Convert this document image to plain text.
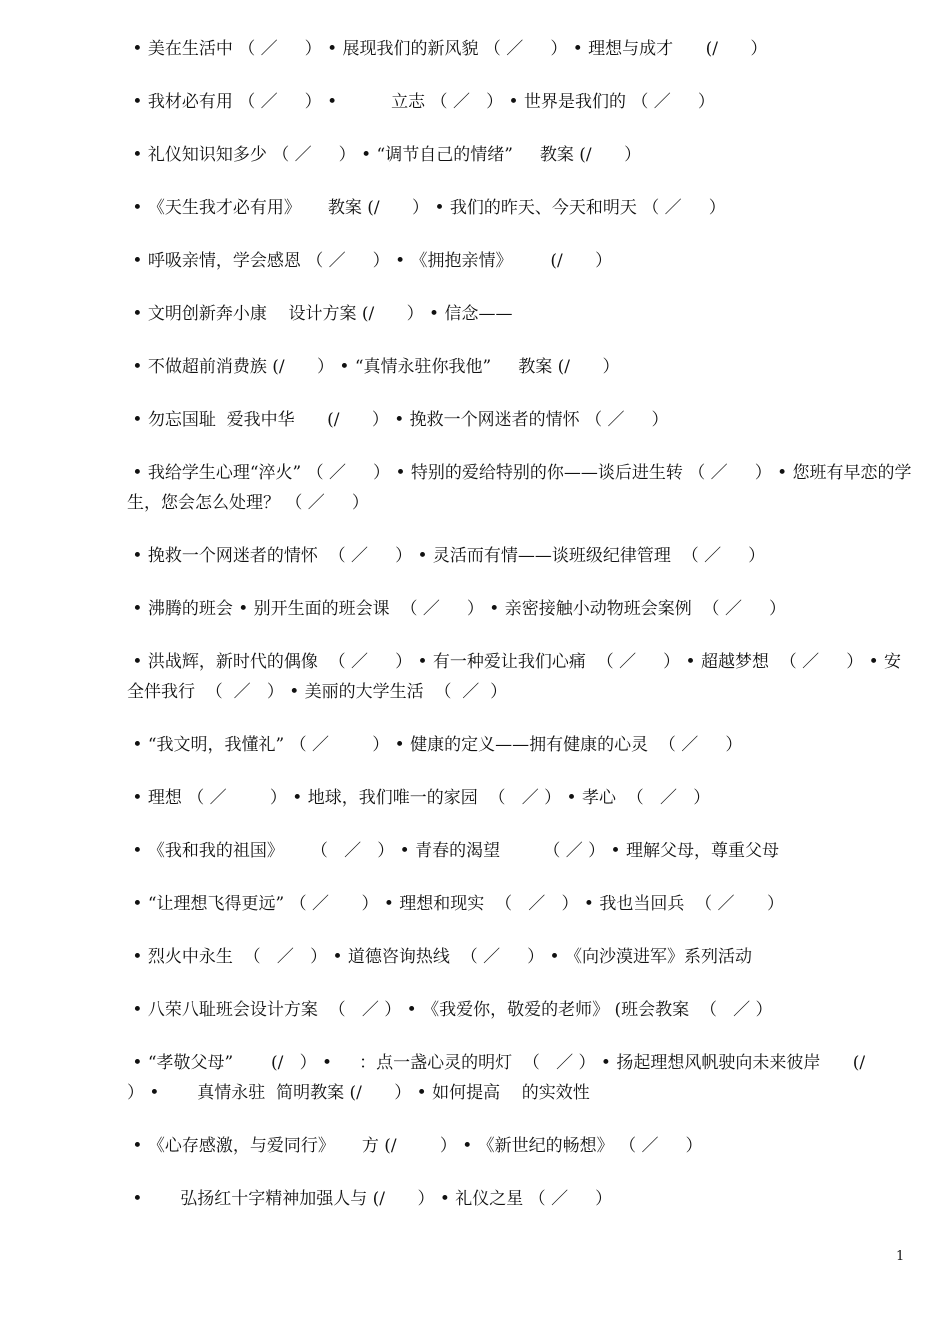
• 美在生活中 （ ／     ） • 展现我们的新风貌 （ ／     ） • 理想与成才      (/      ）

• 我材必有用 （ ／     ） •          立志 （ ／   ） • 世界是我们的 （ ／     ）

• 礼仪知识知多少 （ ／     ） • “调节自己的情绪”     教案 (/      ）

• 《天生我才必有用》     教案 (/      ） • 我们的昨天、今天和明天 （ ／     ）

• 呼吸亲情，学会感恩 （ ／     ） • 《拥抱亲情》       (/      ）

• 文明创新奔小康    设计方案 (/      ） • 信念——

• 不做超前消费族 (/      ） • “真情永驻你我他”     教案 (/      ）

• 勿忘国耻  爱我中华      (/      ） • 挽救一个网迷者的情怀 （ ／     ）

• 我给学生心理“淬火” （ ／     ） • 特别的爱给特别的你——谈后进生转 （ ／     ） • 您班有早恋的学生，您会怎么处理？ （ ／     ）

• 挽救一个网迷者的情怀  （ ／     ） • 灵活而有情——谈班级纪律管理  （ ／     ）

• 沸腾的班会 • 别开生面的班会课  （ ／     ） • 亲密接触小动物班会案例  （ ／     ）

• 洪战辉，新时代的偶像  （ ／     ） • 有一种爱让我们心痛  （ ／     ） • 超越梦想  （ ／     ） • 安全伴我行  （  ／   ） • 美丽的大学生活  （  ／  ）

• “我文明，我懂礼” （ ／        ） • 健康的定义——拥有健康的心灵  （ ／     ）

• 理想 （ ／        ） • 地球，我们唯一的家园  （   ／ ） • 孝心  （   ／   ）

• 《我和我的祖国》     （   ／   ） • 青春的渴望        （ ／ ） • 理解父母，尊重父母

• “让理想飞得更远” （ ／      ） • 理想和现实  （   ／   ） • 我也当回兵  （ ／      ）

• 烈火中永生  （   ／   ） • 道德咨询热线  （ ／     ） • 《向沙漠进军》系列活动

• 八荣八耻班会设计方案  （   ／ ） • 《我爱你，敬爱的老师》 (班会教案  （   ／ ）

• “孝敬父母”       (/   ） •     ：点一盏心灵的明灯  （   ／ ） • 扬起理想风帆驶向未来彼岸      (/      ） •       真情永驻  简明教案 (/      ） • 如何提高    的实效性

• 《心存感激，与爱同行》     方 (/        ） • 《新世纪的畅想》 （ ／     ）

•       弘扬红十字精神加强人与 (/      ） • 礼仪之星 （ ／     ）

1
